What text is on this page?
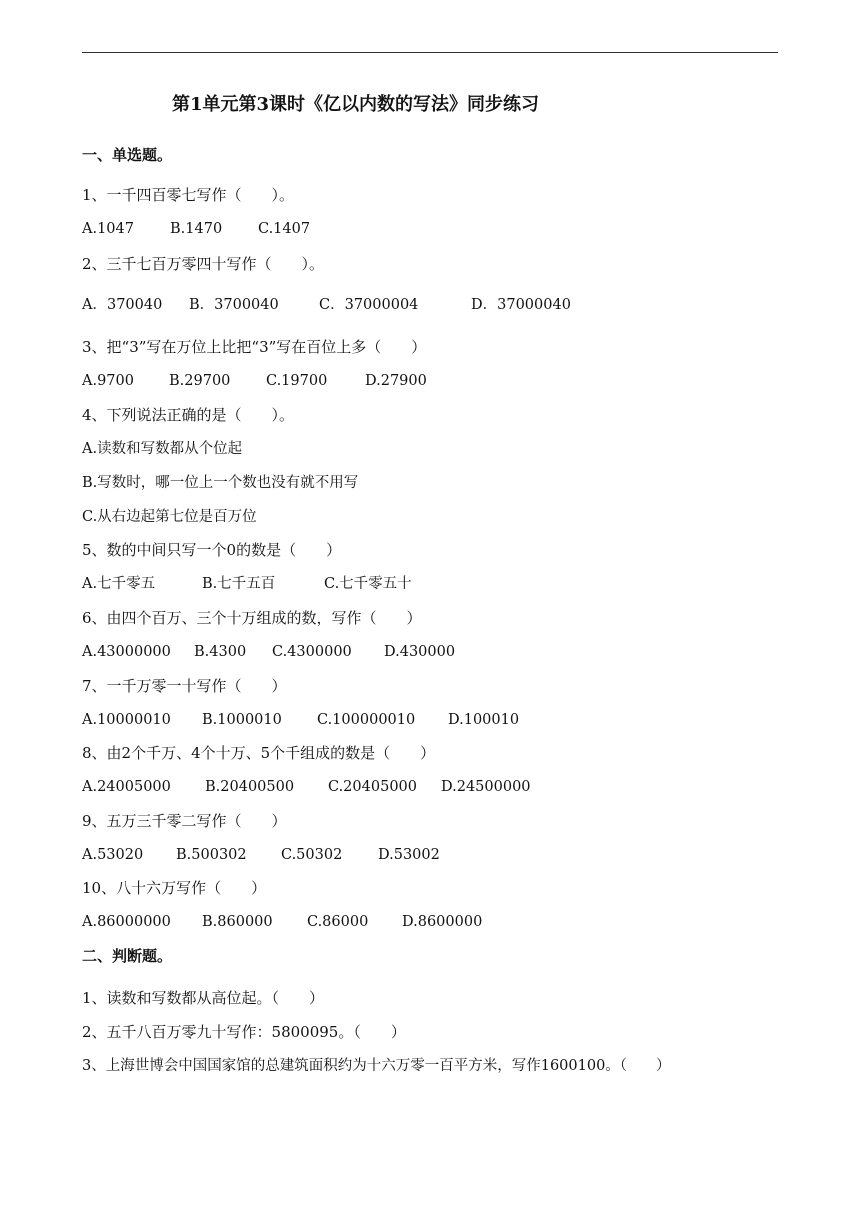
第1单元第3课时《亿以内数的写法》同步练习
一、单选题。
1、一千四百零七写作（　　）。
A.1047 B.1470 C.1407
2、三千七百万零四十写作（　　）。
A．370040 B．3700040	C．37000004	D．37000040
3、把“3”写在万位上比把“3”写在百位上多（　　）
A.9700 B.29700 C.19700	D.27900
4、下列说法正确的是（　　）。
A.读数和写数都从个位起
B.写数时，哪一位上一个数也没有就不用写
C.从右边起第七位是百万位
5、数的中间只写一个0的数是（　　）
A.七千零五	B.七千五百	C.七千零五十
6、由四个百万、三个十万组成的数，写作（　　）
A.43000000 B.4300 C.4300000 D.430000
7、一千万零一十写作（　　）
A.10000010 B.1000010 C.100000010 D.100010
8、由2个千万、4个十万、5个千组成的数是（　　）
A.24005000 B.20400500 C.20405000 D.24500000
9、五万三千零二写作（　　）
A.53020 B.500302 C.50302 D.53002
10、八十六万写作（　　）
A.86000000 B.860000 C.86000 D.8600000
二、判断题。
1、读数和写数都从高位起。（　　）
2、五千八百万零九十写作：5800095。（　　）
3、上海世博会中国国家馆的总建筑面积约为十六万零一百平方米，写作1600100。（　　）
